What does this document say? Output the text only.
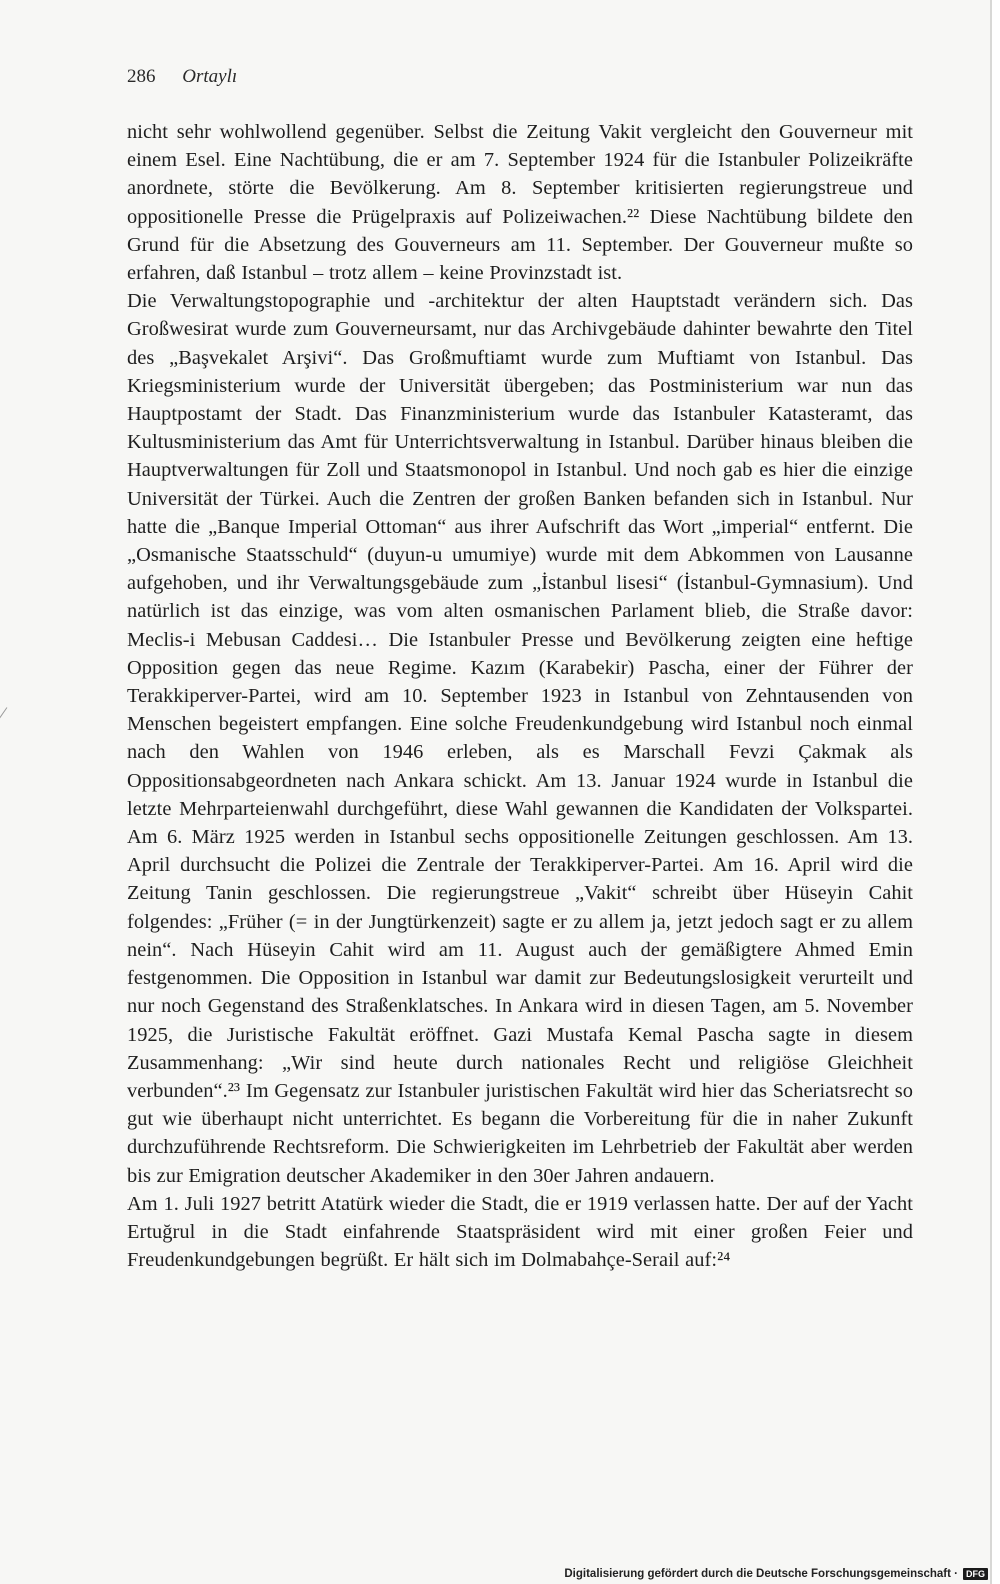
286 Ortaylı

nicht sehr wohlwollend gegenüber. Selbst die Zeitung Vakit vergleicht den Gouverneur mit einem Esel. Eine Nachtübung, die er am 7. September 1924 für die Istanbuler Polizeikräfte anordnete, störte die Bevölkerung. Am 8. September kritisierten regierungstreue und oppositionelle Presse die Prügelpraxis auf Polizeiwachen.²² Diese Nachtübung bildete den Grund für die Absetzung des Gouverneurs am 11. September. Der Gouverneur mußte so erfahren, daß Istanbul – trotz allem – keine Provinzstadt ist.

Die Verwaltungstopographie und -architektur der alten Hauptstadt verändern sich. Das Großwesirat wurde zum Gouverneursamt, nur das Archivgebäude dahinter bewahrte den Titel des „Başvekalet Arşivi“. Das Großmuftiamt wurde zum Muftiamt von Istanbul. Das Kriegsministerium wurde der Universität übergeben; das Postministerium war nun das Hauptpostamt der Stadt. Das Finanzministerium wurde das Istanbuler Katasteramt, das Kultusministerium das Amt für Unterrichtsverwaltung in Istanbul. Darüber hinaus bleiben die Hauptverwaltungen für Zoll und Staatsmonopol in Istanbul. Und noch gab es hier die einzige Universität der Türkei. Auch die Zentren der großen Banken befanden sich in Istanbul. Nur hatte die „Banque Imperial Ottoman“ aus ihrer Aufschrift das Wort „imperial“ entfernt. Die „Osmanische Staatsschuld“ (duyun-u umumiye) wurde mit dem Abkommen von Lausanne aufgehoben, und ihr Verwaltungsgebäude zum „İstanbul lisesi“ (İstanbul-Gymnasium). Und natürlich ist das einzige, was vom alten osmanischen Parlament blieb, die Straße davor: Meclis-i Mebusan Caddesi… Die Istanbuler Presse und Bevölkerung zeigten eine heftige Opposition gegen das neue Regime. Kazım (Karabekir) Pascha, einer der Führer der Terakkiperver-Partei, wird am 10. September 1923 in Istanbul von Zehntausenden von Menschen begeistert empfangen. Eine solche Freudenkundgebung wird Istanbul noch einmal nach den Wahlen von 1946 erleben, als es Marschall Fevzi Çakmak als Oppositionsabgeordneten nach Ankara schickt. Am 13. Januar 1924 wurde in Istanbul die letzte Mehrparteienwahl durchgeführt, diese Wahl gewannen die Kandidaten der Volkspartei. Am 6. März 1925 werden in Istanbul sechs oppositionelle Zeitungen geschlossen. Am 13. April durchsucht die Polizei die Zentrale der Terakkiperver-Partei. Am 16. April wird die Zeitung Tanin geschlossen. Die regierungstreue „Vakit“ schreibt über Hüseyin Cahit folgendes: „Früher (= in der Jungtürkenzeit) sagte er zu allem ja, jetzt jedoch sagt er zu allem nein“. Nach Hüseyin Cahit wird am 11. August auch der gemäßigtere Ahmed Emin festgenommen. Die Opposition in Istanbul war damit zur Bedeutungslosigkeit verurteilt und nur noch Gegenstand des Straßenklatsches. In Ankara wird in diesen Tagen, am 5. November 1925, die Juristische Fakultät eröffnet. Gazi Mustafa Kemal Pascha sagte in diesem Zusammenhang: „Wir sind heute durch nationales Recht und religiöse Gleichheit verbunden“.²³ Im Gegensatz zur Istanbuler juristischen Fakultät wird hier das Scheriatsrecht so gut wie überhaupt nicht unterrichtet. Es begann die Vorbereitung für die in naher Zukunft durchzuführende Rechtsreform. Die Schwierigkeiten im Lehrbetrieb der Fakultät aber werden bis zur Emigration deutscher Akademiker in den 30er Jahren andauern.

Am 1. Juli 1927 betritt Atatürk wieder die Stadt, die er 1919 verlassen hatte. Der auf der Yacht Ertuğrul in die Stadt einfahrende Staatspräsident wird mit einer großen Feier und Freudenkundgebungen begrüßt. Er hält sich im Dolmabahçe-Serail auf:²⁴

Digitalisierung gefördert durch die Deutsche Forschungsgemeinschaft · DFG
